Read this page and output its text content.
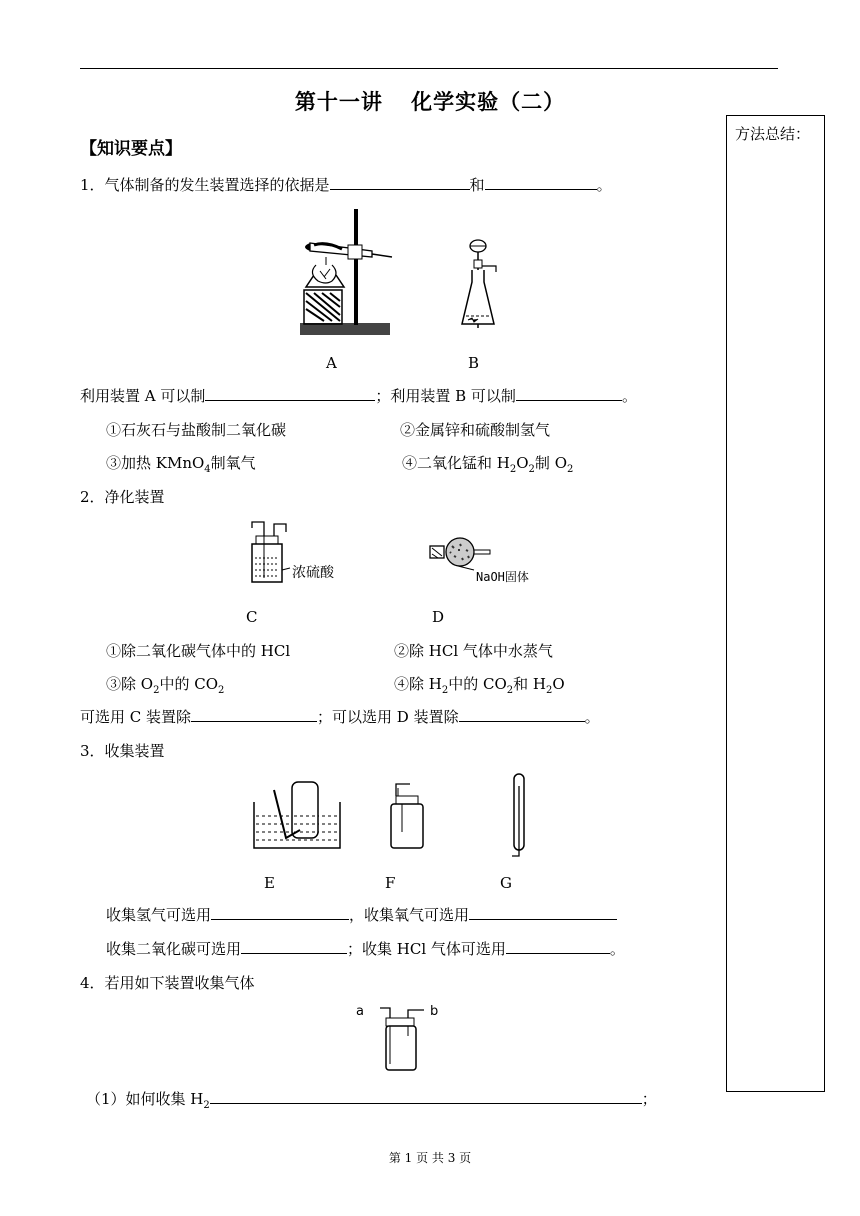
第十一讲 化学实验（二）
方法总结：
【知识要点】
1．气体制备的发生装置选择的依据是	和	。
A	B
利用装置 A 可以制	；利用装置 B 可以制	。
①石灰石与盐酸制二氧化碳	②金属锌和硫酸制氢气
③加热 KMnO$_4$制氧气	④二氧化锰和 $H_2O_2$制 $O_2$
2．净化装置
浓硫酸	NaOH固体
C	D
①除二氧化碳气体中的 HCl	②除 HCl 气体中水蒸气
③除 $O_2$中的 $CO_2$	④除 $H_2$中的 $CO_2$和 $H_2O$
可选用 C 装置除	；可以选用 D 装置除	。
3．收集装置
E	F	G
收集氢气可选用	，收集氧气可选用
收集二氧化碳可选用	；收集 HCl 气体可选用	。
4．若用如下装置收集气体
a	b
（1）如何收集 $H_2$	；
第 1 页 共 3 页
